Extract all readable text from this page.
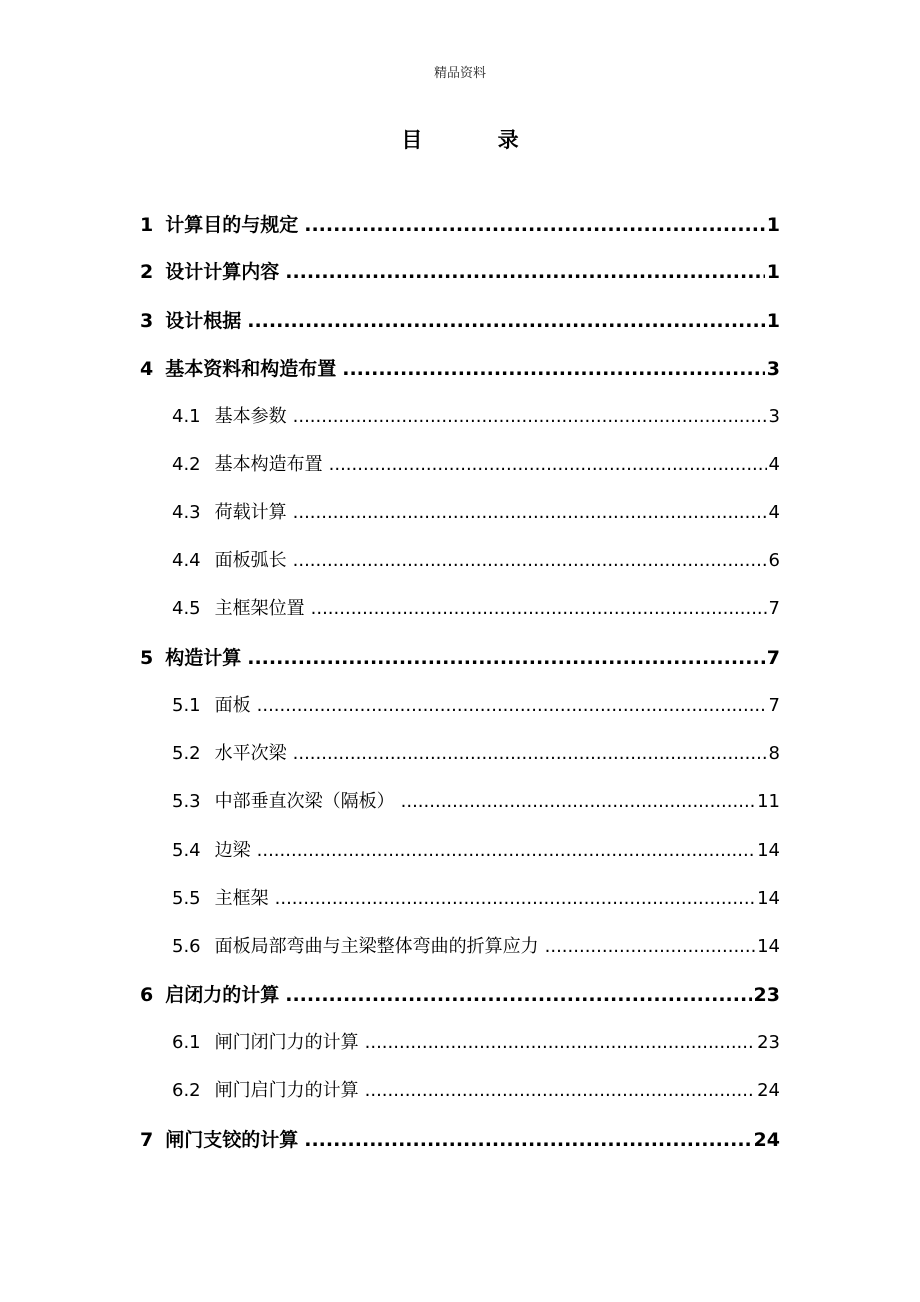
精品资料
目 录
1 计算目的与规定 .....	1
2 设计计算内容 .....	1
3 设计根据 .....	1
4 基本资料和构造布置 .....	3
4.1 基本参数 .....	3
4.2 基本构造布置 .....	4
4.3 荷载计算 .....	4
4.4 面板弧长 .....	6
4.5 主框架位置 .....	7
5 构造计算 .....	7
5.1 面板 .....	7
5.2 水平次梁 .....	8
5.3 中部垂直次梁（隔板） .....	11
5.4 边梁 .....	14
5.5 主框架 .....	14
5.6 面板局部弯曲与主梁整体弯曲的折算应力 .....	14
6 启闭力的计算 .....	23
6.1 闸门闭门力的计算 .....	23
6.2 闸门启门力的计算 .....	24
7 闸门支铰的计算 .....	24
